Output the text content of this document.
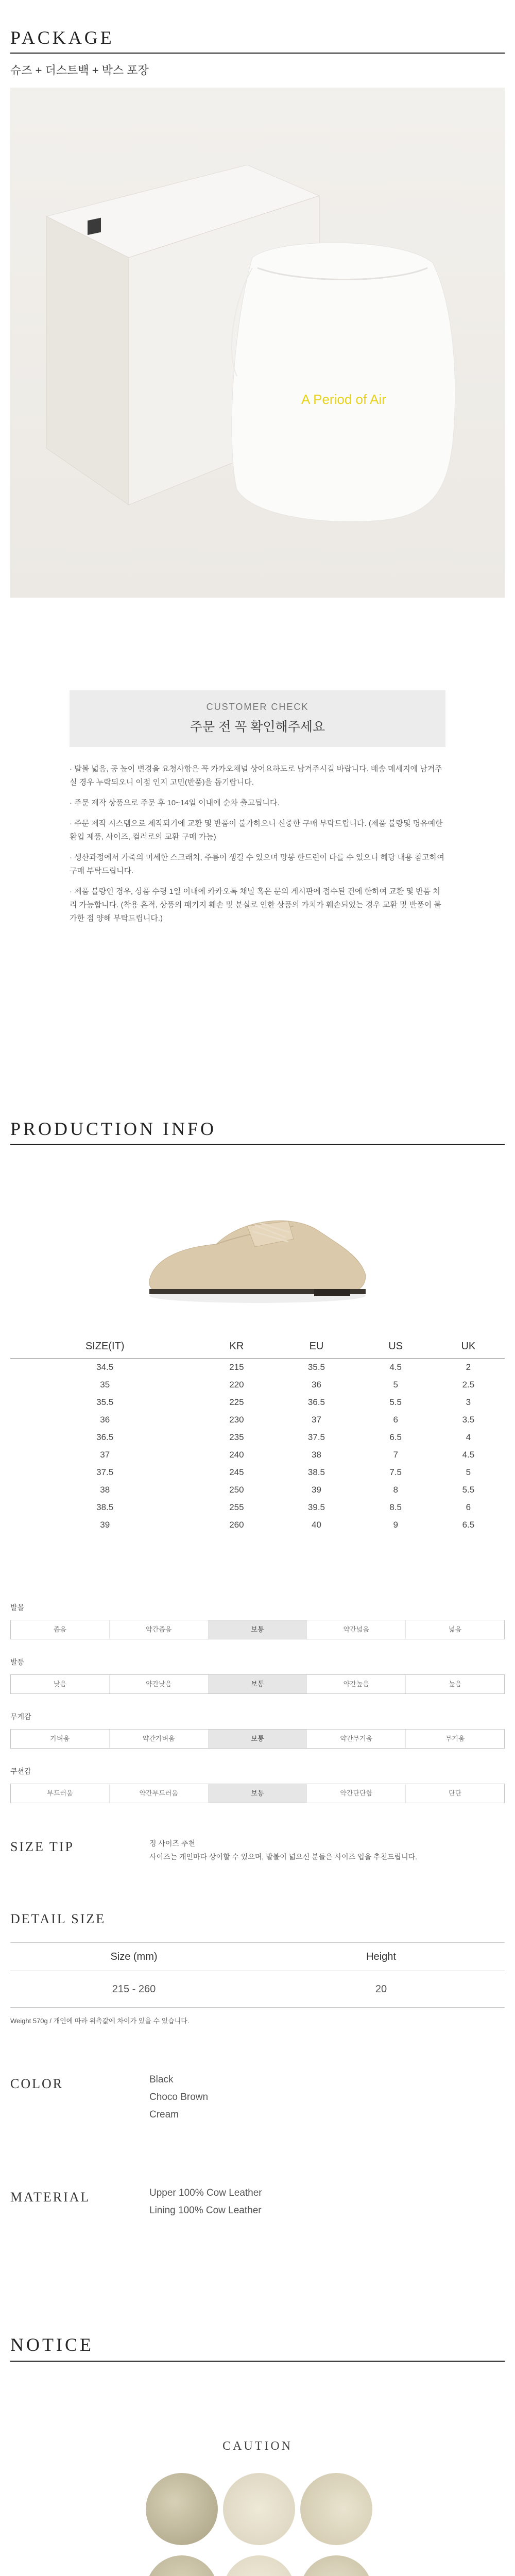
PACKAGE
슈즈 + 더스트백 + 박스 포장
A Period of Air
CUSTOMER CHECK
주문 전 꼭 확인해주세요

· 발볼 넓음, 공 높이 변경을 요청사항은 꼭 카카오채널 상어요하도로 남겨주시길 바랍니다. 배송 메세지에 남겨주실 경우 누락되오니 이점 인지 고민(반품)을 돕기랍니다.

· 주문 제작 상품으로 주문 후 10~14일 이내에 순차 출고됩니다.

· 주문 제작 시스템으로 제작되기에 교환 및 반품이 불가하으니 신중한 구매 부탁드립니다. (제품 불량및 명유예한 환입 제품, 사이즈, 컬러로의 교환 구매 가능)

· 생산과정에서 가죽의 미세한 스크래치, 주름이 생길 수 있으며 망봉 한드런이 다를 수 있으니 해당 내용 참고하여 구매 부탁드립니다.

· 제품 불량인 경우, 상품 수령 1일 이내에 카카오톡 채널 혹은 문의 게시판에 접수된 건에 한하여 교환 및 반품 처리 가능합니다. (착용 흔적, 상품의 패키지 훼손 및 분실로 인한 상품의 가치가 훼손되었는 경우 교환 및 반품이 불가한 점 양해 부탁드립니다.)

PRODUCTION INFO
SIZE(IT)	KR	EU	US	UK
34.5	215	35.5	4.5	2
35	220	36	5	2.5
35.5	225	36.5	5.5	3
36	230	37	6	3.5
36.5	235	37.5	6.5	4
37	240	38	7	4.5
37.5	245	38.5	7.5	5
38	250	39	8	5.5
38.5	255	39.5	8.5	6
39	260	40	9	6.5
발볼
좁음	약간좁음	보통	약간넓음	넓음
발등
낮음	약간낮음	보통	약간높음	높음
무게감
가벼움	약간가벼움	보통	약간무거움	무거움
쿠션감
부드러움	약간부드러움	보통	약간단단함	단단
SIZE TIP	정 사이즈 추천
사이즈는 개인마다 상이할 수 있으며, 발볼이 넓으신 분들은 사이즈 업을 추천드립니다.
DETAIL SIZE
Size (mm)	Height
215 - 260	20
Weight 570g / 개인에 따라 위측값에 차이가 있을 수 있습니다.
COLOR	Black
Choco Brown
Cream
MATERIAL	Upper 100% Cow Leather
Lining 100% Cow Leather
NOTICE
CAUTION
